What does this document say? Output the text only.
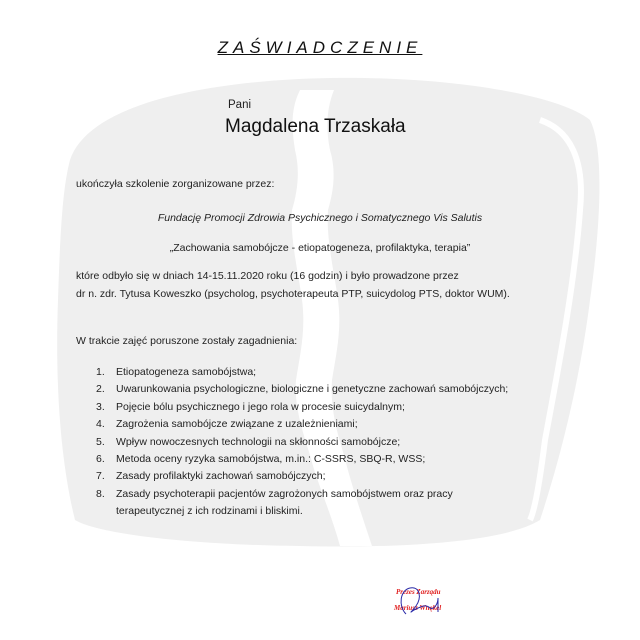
ZAŚWIADCZENIE
Pani
Magdalena Trzaskała
ukończyła szkolenie zorganizowane przez:
Fundację Promocji Zdrowia Psychicznego i Somatycznego Vis Salutis
„Zachowania samobójcze - etiopatogeneza, profilaktyka, terapia”
które odbyło się w dniach 14-15.11.2020 roku (16 godzin) i było prowadzone przez
dr n. zdr. Tytusa Koweszko (psycholog, psychoterapeuta PTP, suicydolog PTS, doktor WUM).
W trakcie zajęć poruszone zostały zagadnienia:
1.	Etiopatogeneza samobójstwa;
2.	Uwarunkowania psychologiczne, biologiczne i genetyczne zachowań samobójczych;
3.	Pojęcie bólu psychicznego i jego rola w procesie suicydalnym;
4.	Zagrożenia samobójcze związane z uzależnieniami;
5.	Wpływ nowoczesnych technologii na skłonności samobójcze;
6.	Metoda oceny ryzyka samobójstwa, m.in.: C-SSRS, SBQ-R, WSS;
7.	Zasady profilaktyki zachowań samobójczych;
8.	Zasady psychoterapii pacjentów zagrożonych samobójstwem oraz pracy
terapeutycznej z ich rodzinami i bliskimi.
Prezes Zarządu
Mariusz Wnękel
